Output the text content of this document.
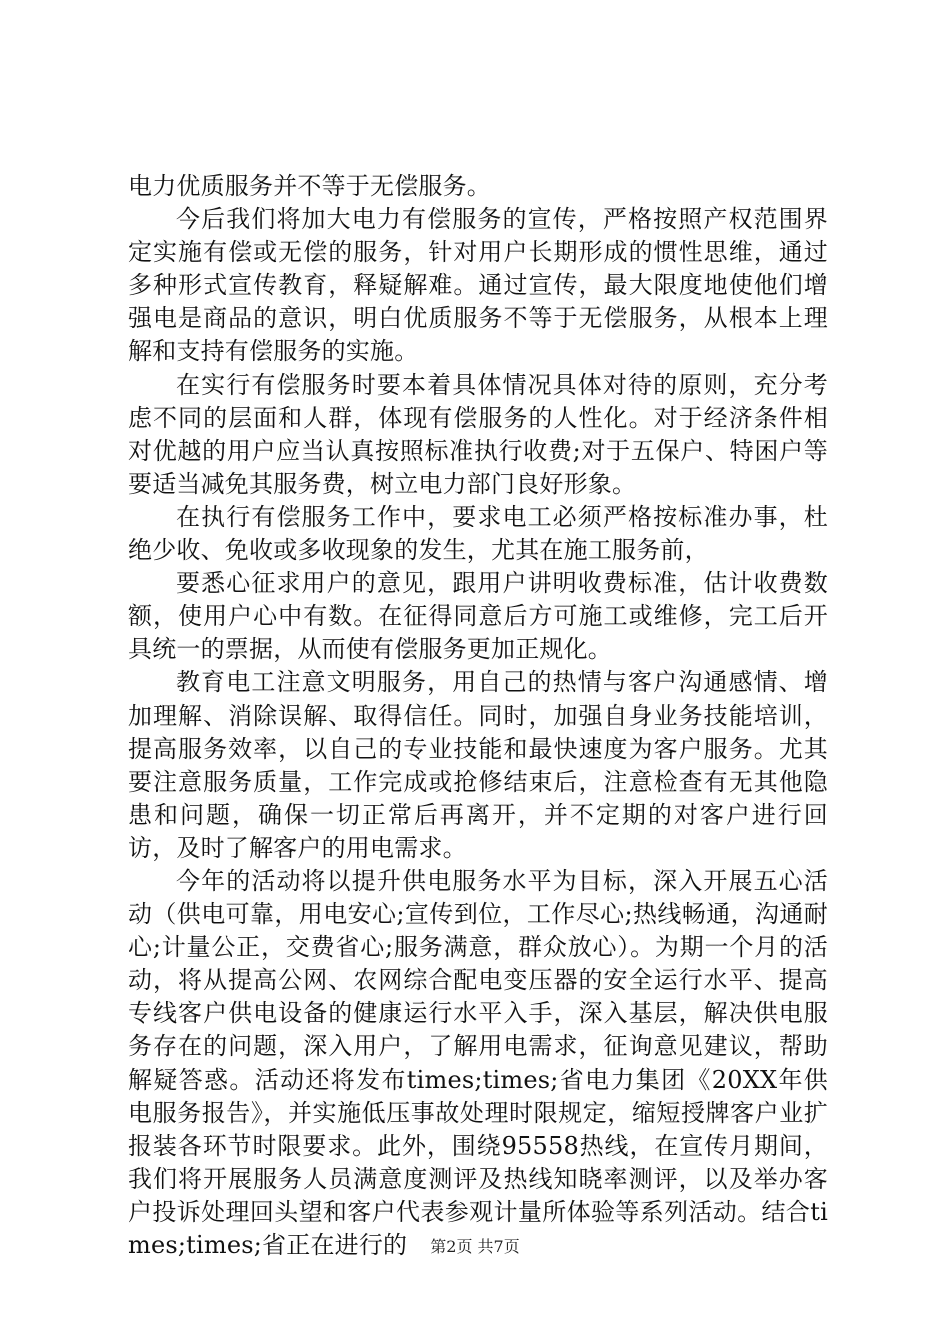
电力优质服务并不等于无偿服务。

今后我们将加大电力有偿服务的宣传，严格按照产权范围界定实施有偿或无偿的服务，针对用户长期形成的惯性思维，通过多种形式宣传教育，释疑解难。通过宣传，最大限度地使他们增强电是商品的意识，明白优质服务不等于无偿服务，从根本上理解和支持有偿服务的实施。

在实行有偿服务时要本着具体情况具体对待的原则，充分考虑不同的层面和人群，体现有偿服务的人性化。对于经济条件相对优越的用户应当认真按照标准执行收费;对于五保户、特困户等要适当减免其服务费，树立电力部门良好形象。

在执行有偿服务工作中，要求电工必须严格按标准办事，杜绝少收、免收或多收现象的发生，尤其在施工服务前，

要悉心征求用户的意见，跟用户讲明收费标准，估计收费数额，使用户心中有数。在征得同意后方可施工或维修，完工后开具统一的票据，从而使有偿服务更加正规化。

教育电工注意文明服务，用自己的热情与客户沟通感情、增加理解、消除误解、取得信任。同时，加强自身业务技能培训，提高服务效率，以自己的专业技能和最快速度为客户服务。尤其要注意服务质量，工作完成或抢修结束后，注意检查有无其他隐患和问题，确保一切正常后再离开，并不定期的对客户进行回访，及时了解客户的用电需求。

今年的活动将以提升供电服务水平为目标，深入开展五心活动（供电可靠，用电安心;宣传到位，工作尽心;热线畅通，沟通耐心;计量公正，交费省心;服务满意，群众放心）。为期一个月的活动，将从提高公网、农网综合配电变压器的安全运行水平、提高专线客户供电设备的健康运行水平入手，深入基层，解决供电服务存在的问题，深入用户，了解用电需求，征询意见建议，帮助解疑答惑。活动还将发布times;times;省电力集团《20XX年供电服务报告》，并实施低压事故处理时限规定，缩短授牌客户业扩报装各环节时限要求。此外，围绕95558热线，在宣传月期间，我们将开展服务人员满意度测评及热线知晓率测评，以及举办客户投诉处理回头望和客户代表参观计量所体验等系列活动。结合times;times;省正在进行的	第2页 共7页
